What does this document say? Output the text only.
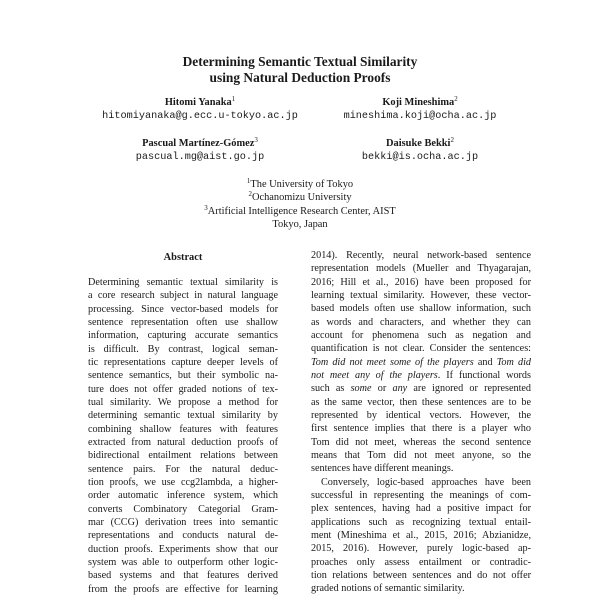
Determining Semantic Textual Similarity
using Natural Deduction Proofs
Hitomi Yanaka$^1$
hitomiyanaka@g.ecc.u-tokyo.ac.jp
Koji Mineshima$^2$
mineshima.koji@ocha.ac.jp
Pascual Martínez-Gómez$^3$
pascual.mg@aist.go.jp
Daisuke Bekki$^2$
bekki@is.ocha.ac.jp
$^1$The University of Tokyo
$^2$Ochanomizu University
$^3$Artificial Intelligence Research Center, AIST
Tokyo, Japan
Abstract
Determining semantic textual similarity is
a core research subject in natural language
processing. Since vector-based models for
sentence representation often use shallow
information, capturing accurate semantics
is difficult. By contrast, logical seman-
tic representations capture deeper levels of
sentence semantics, but their symbolic na-
ture does not offer graded notions of tex-
tual similarity. We propose a method for
determining semantic textual similarity by
combining shallow features with features
extracted from natural deduction proofs of
bidirectional entailment relations between
sentence pairs. For the natural deduc-
tion proofs, we use ccg2lambda, a higher-
order automatic inference system, which
converts Combinatory Categorial Gram-
mar (CCG) derivation trees into semantic
representations and conducts natural de-
duction proofs. Experiments show that our
system was able to outperform other logic-
based systems and that features derived
from the proofs are effective for learning
2014). Recently, neural network-based sentence
representation models (Mueller and Thyagarajan,
2016; Hill et al., 2016) have been proposed for
learning textual similarity. However, these vector-
based models often use shallow information, such
as words and characters, and whether they can
account for phenomena such as negation and
quantification is not clear. Consider the sentences:
Tom did not meet some of the players and Tom did
not meet any of the players. If functional words
such as some or any are ignored or represented
as the same vector, then these sentences are to be
represented by identical vectors. However, the
first sentence implies that there is a player who
Tom did not meet, whereas the second sentence
means that Tom did not meet anyone, so the
sentences have different meanings.
Conversely, logic-based approaches have been
successful in representing the meanings of com-
plex sentences, having had a positive impact for
applications such as recognizing textual entail-
ment (Mineshima et al., 2015, 2016; Abzianidze,
2015, 2016). However, purely logic-based ap-
proaches only assess entailment or contradic-
tion relations between sentences and do not offer
graded notions of semantic similarity.
